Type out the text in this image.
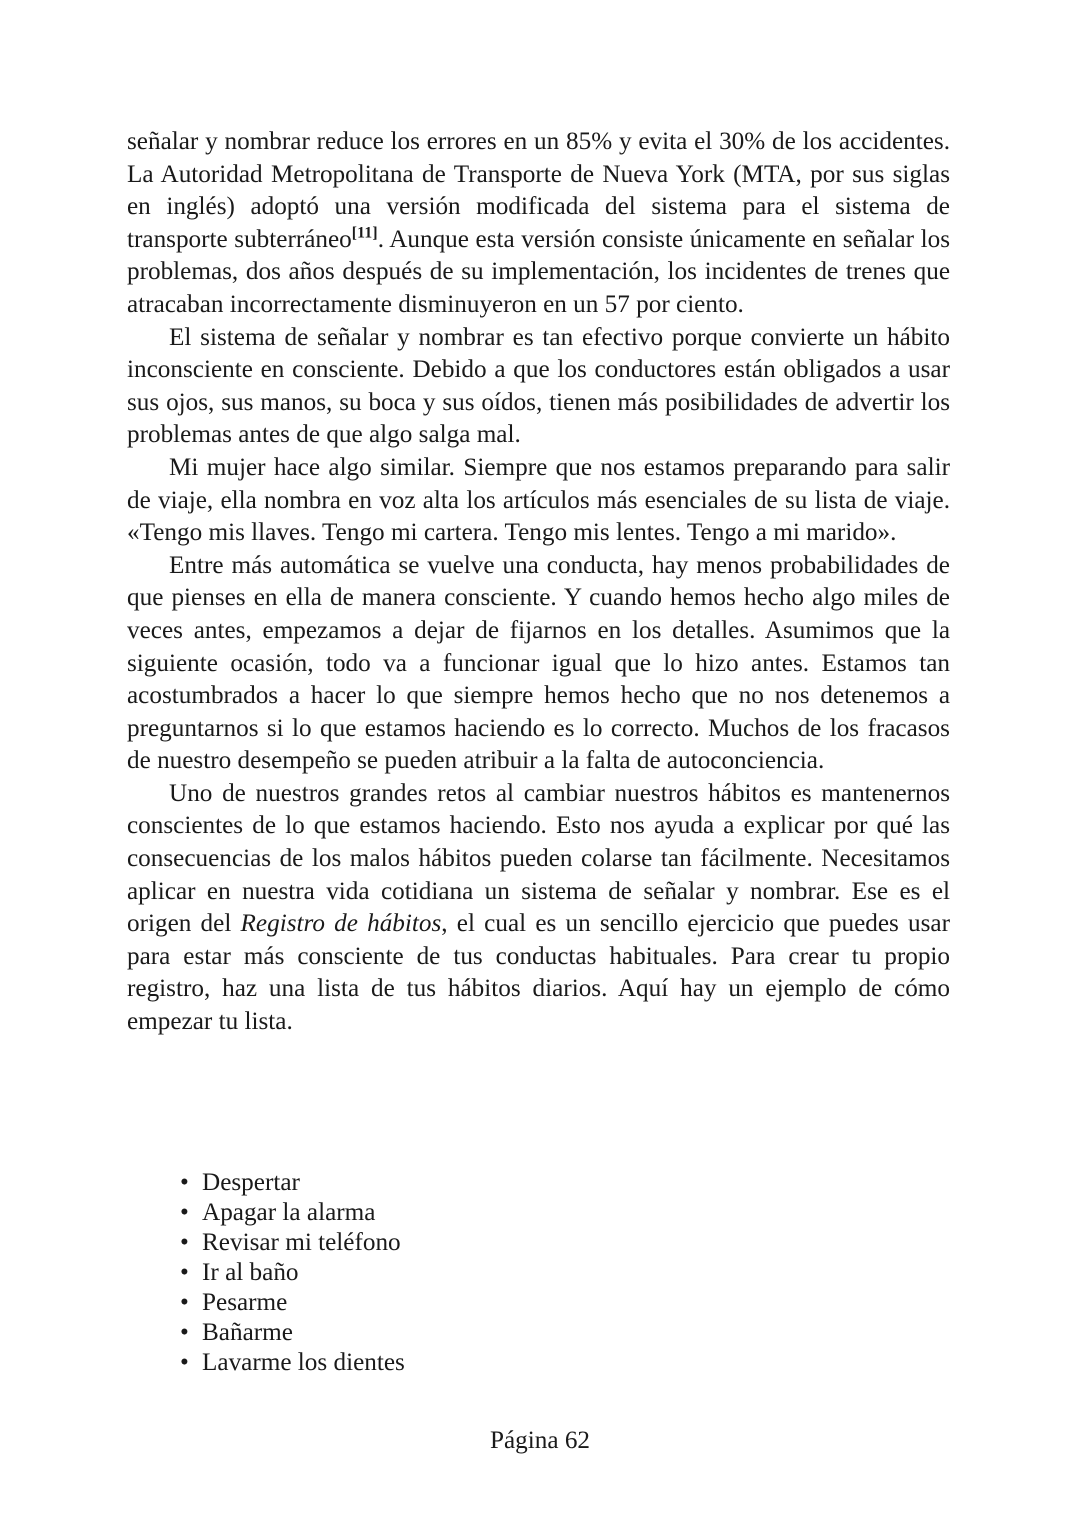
señalar y nombrar reduce los errores en un 85% y evita el 30% de los accidentes. La Autoridad Metropolitana de Transporte de Nueva York (MTA, por sus siglas en inglés) adoptó una versión modificada del sistema para el sistema de transporte subterráneo[11]. Aunque esta versión consiste únicamente en señalar los problemas, dos años después de su implementación, los incidentes de trenes que atracaban incorrectamente disminuyeron en un 57 por ciento.

El sistema de señalar y nombrar es tan efectivo porque convierte un hábito inconsciente en consciente. Debido a que los conductores están obligados a usar sus ojos, sus manos, su boca y sus oídos, tienen más posibilidades de advertir los problemas antes de que algo salga mal.

Mi mujer hace algo similar. Siempre que nos estamos preparando para salir de viaje, ella nombra en voz alta los artículos más esenciales de su lista de viaje. «Tengo mis llaves. Tengo mi cartera. Tengo mis lentes. Tengo a mi marido».

Entre más automática se vuelve una conducta, hay menos probabilidades de que pienses en ella de manera consciente. Y cuando hemos hecho algo miles de veces antes, empezamos a dejar de fijarnos en los detalles. Asumimos que la siguiente ocasión, todo va a funcionar igual que lo hizo antes. Estamos tan acostumbrados a hacer lo que siempre hemos hecho que no nos detenemos a preguntarnos si lo que estamos haciendo es lo correcto. Muchos de los fracasos de nuestro desempeño se pueden atribuir a la falta de autoconciencia.

Uno de nuestros grandes retos al cambiar nuestros hábitos es mantenernos conscientes de lo que estamos haciendo. Esto nos ayuda a explicar por qué las consecuencias de los malos hábitos pueden colarse tan fácilmente. Necesitamos aplicar en nuestra vida cotidiana un sistema de señalar y nombrar. Ese es el origen del Registro de hábitos, el cual es un sencillo ejercicio que puedes usar para estar más consciente de tus conductas habituales. Para crear tu propio registro, haz una lista de tus hábitos diarios. Aquí hay un ejemplo de cómo empezar tu lista.

• Despertar
• Apagar la alarma
• Revisar mi teléfono
• Ir al baño
• Pesarme
• Bañarme
• Lavarme los dientes
Página 62
